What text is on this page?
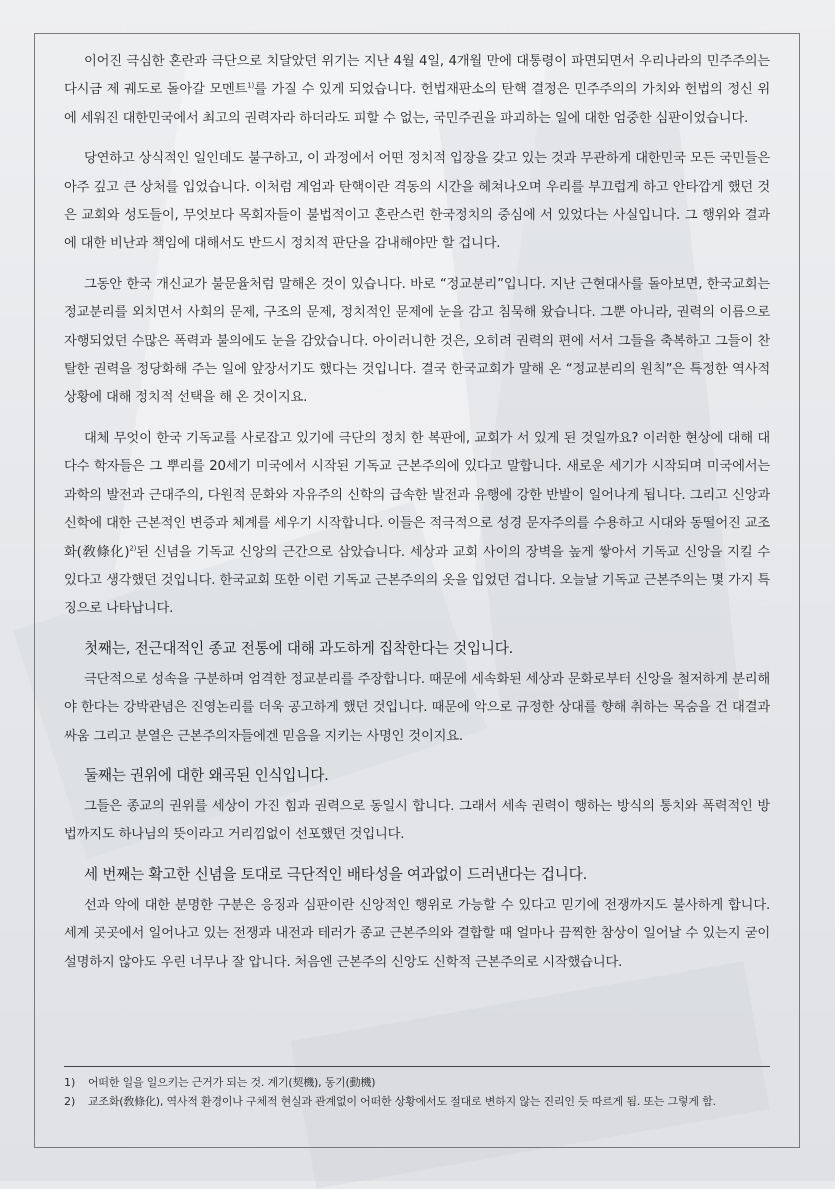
이어진 극심한 혼란과 극단으로 치달았던 위기는 지난 4월 4일, 4개월 만에 대통령이 파면되면서 우리나라의 민주주의는 다시금 제 궤도로 돌아갈 모멘트$^{1)}$를 가질 수 있게 되었습니다. 헌법재판소의 탄핵 결정은 민주주의의 가치와 헌법의 정신 위에 세워진 대한민국에서 최고의 권력자라 하더라도 피할 수 없는, 국민주권을 파괴하는 일에 대한 엄중한 심판이었습니다.

당연하고 상식적인 일인데도 불구하고, 이 과정에서 어떤 정치적 입장을 갖고 있는 것과 무관하게 대한민국 모든 국민들은 아주 깊고 큰 상처를 입었습니다. 이처럼 계엄과 탄핵이란 격동의 시간을 헤쳐나오며 우리를 부끄럽게 하고 안타깝게 했던 것은 교회와 성도들이, 무엇보다 목회자들이 불법적이고 혼란스런 한국정치의 중심에 서 있었다는 사실입니다. 그 행위와 결과에 대한 비난과 책임에 대해서도 반드시 정치적 판단을 감내해야만 할 겁니다.

그동안 한국 개신교가 불문율처럼 말해온 것이 있습니다. 바로 “정교분리”입니다. 지난 근현대사를 돌아보면, 한국교회는 정교분리를 외치면서 사회의 문제, 구조의 문제, 정치적인 문제에 눈을 감고 침묵해 왔습니다. 그뿐 아니라, 권력의 이름으로 자행되었던 수많은 폭력과 불의에도 눈을 감았습니다. 아이러니한 것은, 오히려 권력의 편에 서서 그들을 축복하고 그들이 찬탈한 권력을 정당화해 주는 일에 앞장서기도 했다는 것입니다. 결국 한국교회가 말해 온 “정교분리의 원칙”은 특정한 역사적 상황에 대해 정치적 선택을 해 온 것이지요.

대체 무엇이 한국 기독교를 사로잡고 있기에 극단의 정치 한 복판에, 교회가 서 있게 된 것일까요? 이러한 현상에 대해 대다수 학자들은 그 뿌리를 20세기 미국에서 시작된 기독교 근본주의에 있다고 말합니다. 새로운 세기가 시작되며 미국에서는 과학의 발전과 근대주의, 다원적 문화와 자유주의 신학의 급속한 발전과 유행에 강한 반발이 일어나게 됩니다. 그리고 신앙과 신학에 대한 근본적인 변증과 체계를 세우기 시작합니다. 이들은 적극적으로 성경 문자주의를 수용하고 시대와 동떨어진 교조화(敎條化)$^{2)}$된 신념을 기독교 신앙의 근간으로 삼았습니다. 세상과 교회 사이의 장벽을 높게 쌓아서 기독교 신앙을 지킬 수 있다고 생각했던 것입니다. 한국교회 또한 이런 기독교 근본주의의 옷을 입었던 겁니다. 오늘날 기독교 근본주의는 몇 가지 특징으로 나타납니다.

첫째는, 전근대적인 종교 전통에 대해 과도하게 집착한다는 것입니다.

극단적으로 성속을 구분하며 엄격한 정교분리를 주장합니다. 때문에 세속화된 세상과 문화로부터 신앙을 철저하게 분리해야 한다는 강박관념은 진영논리를 더욱 공고하게 했던 것입니다. 때문에 악으로 규정한 상대를 향해 취하는 목숨을 건 대결과 싸움 그리고 분열은 근본주의자들에겐 믿음을 지키는 사명인 것이지요.

둘째는 권위에 대한 왜곡된 인식입니다.

그들은 종교의 권위를 세상이 가진 힘과 권력으로 동일시 합니다. 그래서 세속 권력이 행하는 방식의 통치와 폭력적인 방법까지도 하나님의 뜻이라고 거리낌없이 선포했던 것입니다.

세 번째는 확고한 신념을 토대로 극단적인 배타성을 여과없이 드러낸다는 겁니다.

선과 악에 대한 분명한 구분은 응징과 심판이란 신앙적인 행위로 가능할 수 있다고 믿기에 전쟁까지도 불사하게 합니다. 세계 곳곳에서 일어나고 있는 전쟁과 내전과 테러가 종교 근본주의와 결합할 때 얼마나 끔찍한 참상이 일어날 수 있는지 굳이 설명하지 않아도 우린 너무나 잘 압니다. 처음엔 근본주의 신앙도 신학적 근본주의로 시작했습니다.

1)	어떠한 일을 일으키는 근거가 되는 것. 계기(契機), 동기(動機)
2)	교조화(敎條化), 역사적 환경이나 구체적 현실과 관계없이 어떠한 상황에서도 절대로 변하지 않는 진리인 듯 따르게 됨. 또는 그렇게 함.
